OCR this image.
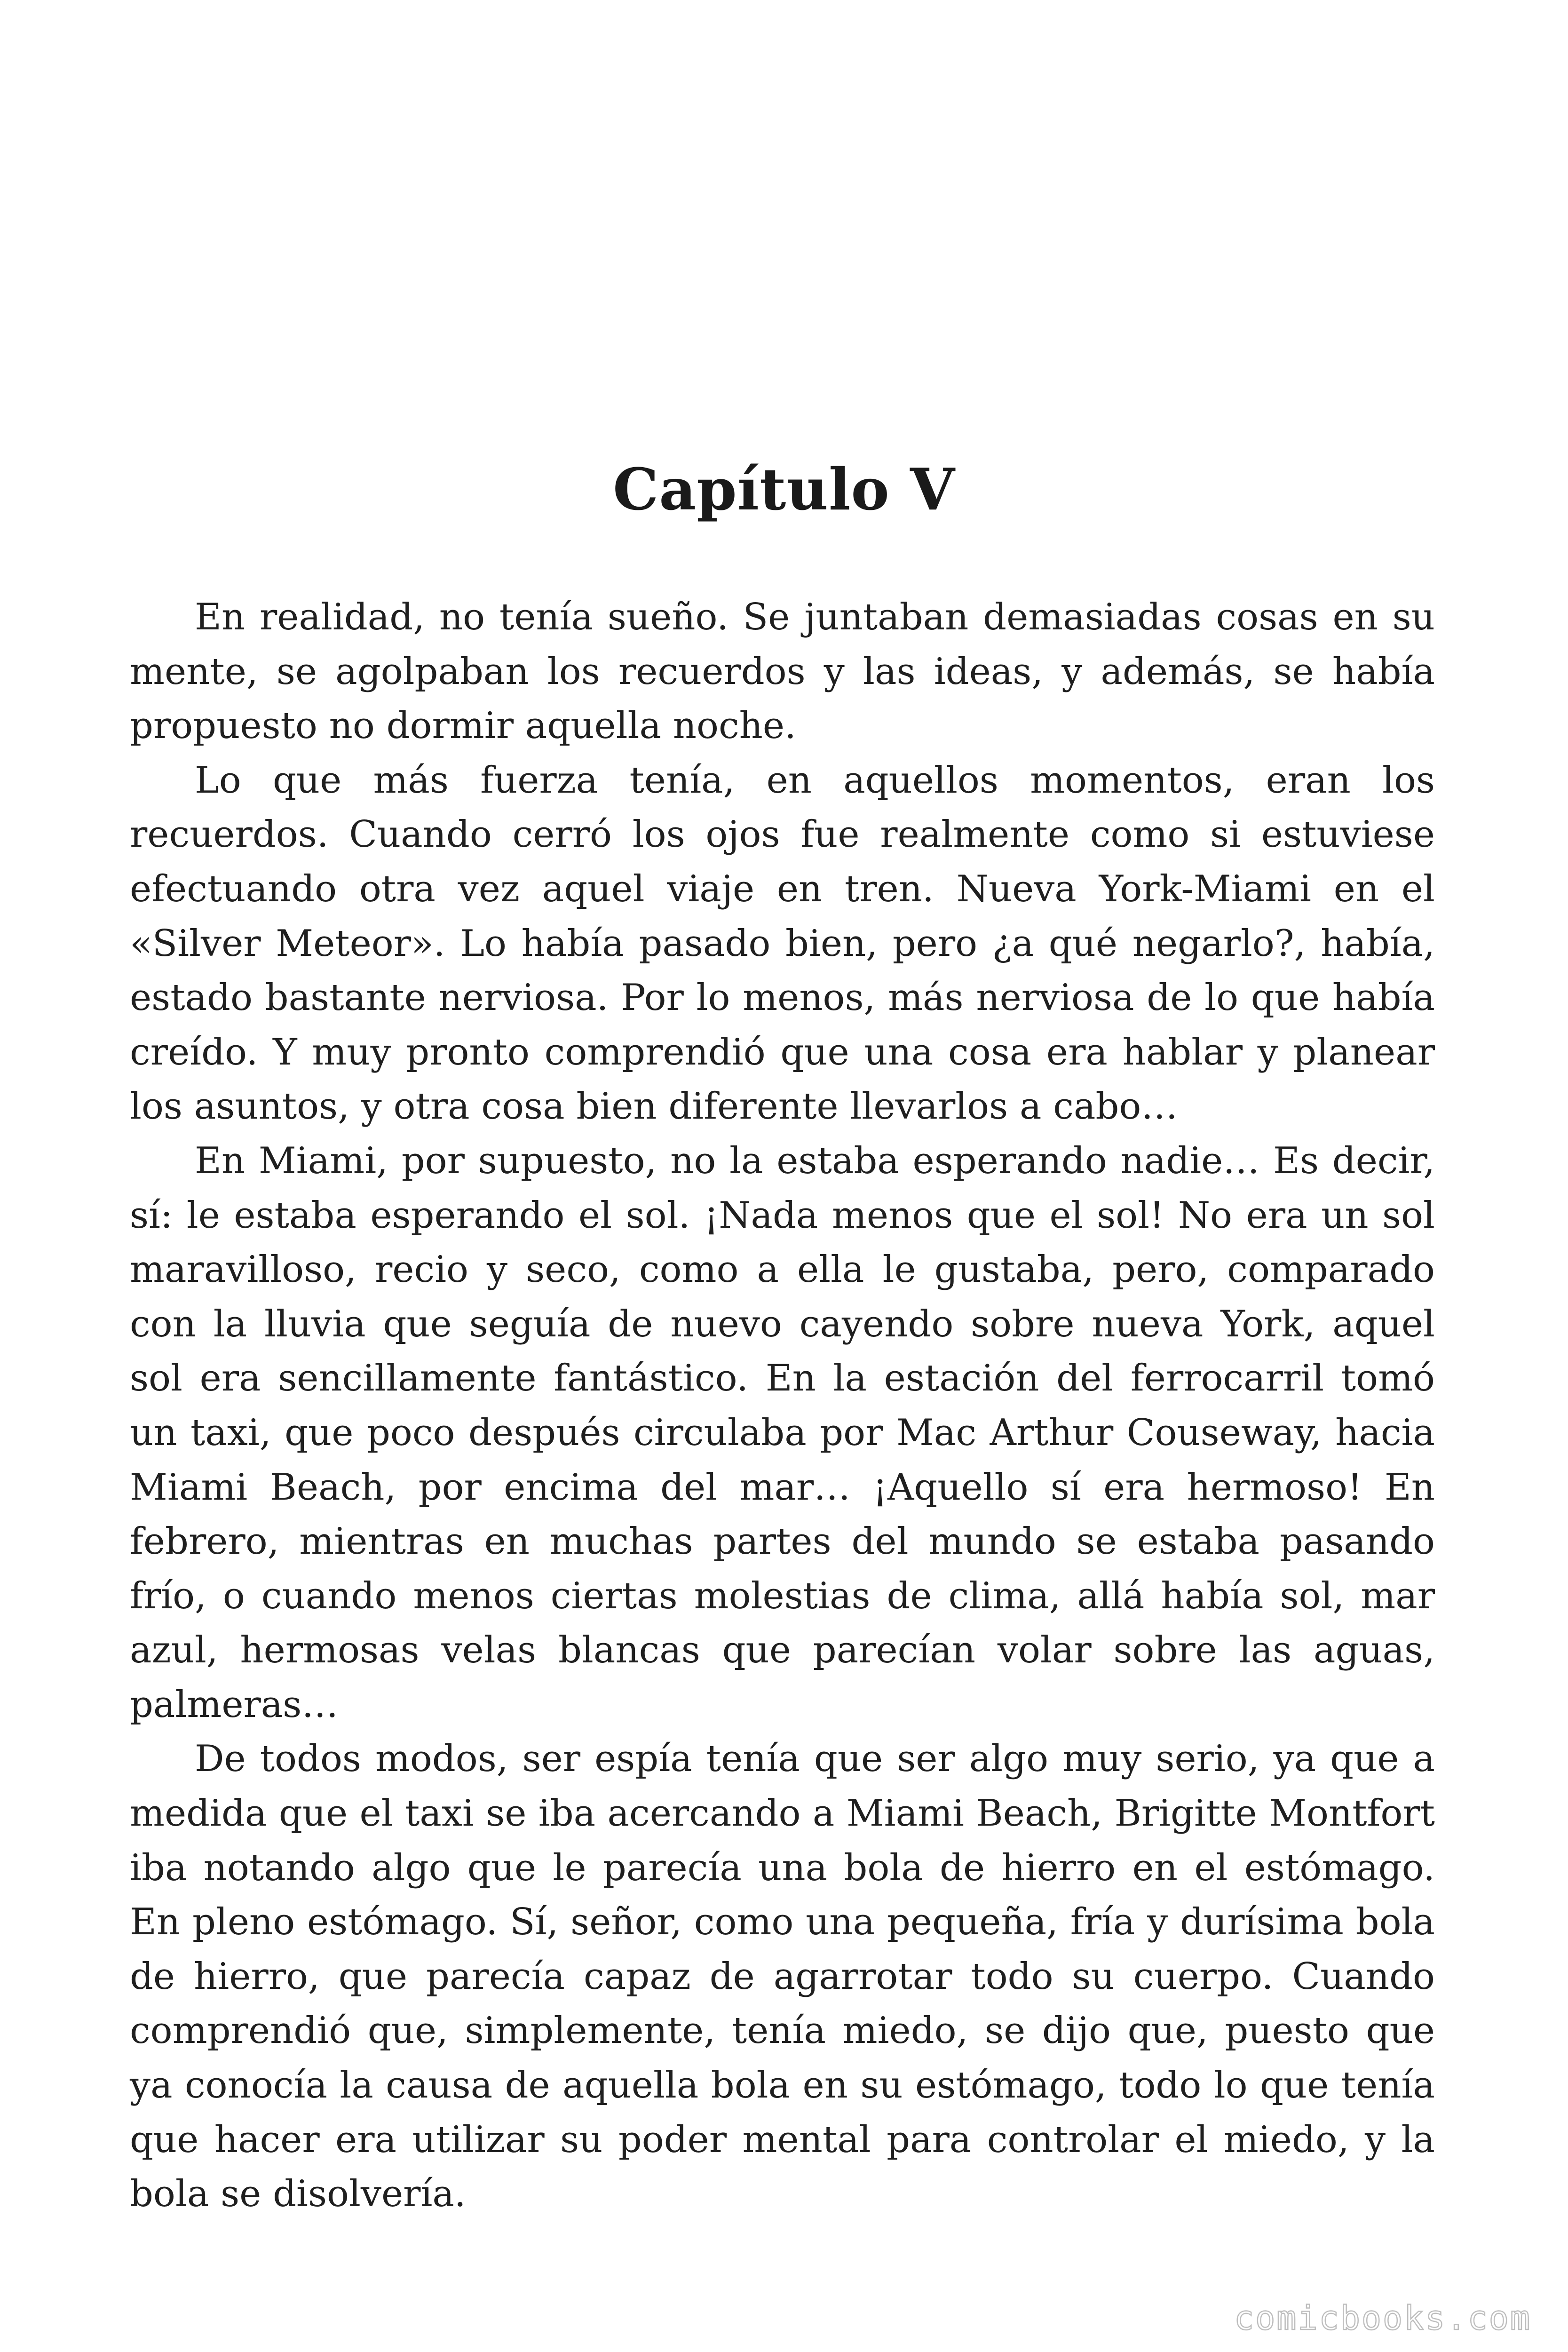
Capítulo V

En realidad, no tenía sueño. Se juntaban demasiadas cosas en su mente, se agolpaban los recuerdos y las ideas, y además, se había propuesto no dormir aquella noche.

Lo que más fuerza tenía, en aquellos momentos, eran los recuerdos. Cuando cerró los ojos fue realmente como si estuviese efectuando otra vez aquel viaje en tren. Nueva York-Miami en el «Silver Meteor». Lo había pasado bien, pero ¿a qué negarlo?, había, estado bastante nerviosa. Por lo menos, más nerviosa de lo que había creído. Y muy pronto comprendió que una cosa era hablar y planear los asuntos, y otra cosa bien diferente llevarlos a cabo…

En Miami, por supuesto, no la estaba esperando nadie… Es decir, sí: le estaba esperando el sol. ¡Nada menos que el sol! No era un sol maravilloso, recio y seco, como a ella le gustaba, pero, comparado con la lluvia que seguía de nuevo cayendo sobre nueva York, aquel sol era sencillamente fantástico. En la estación del ferrocarril tomó un taxi, que poco después circulaba por Mac Arthur Couseway, hacia Miami Beach, por encima del mar… ¡Aquello sí era hermoso! En febrero, mientras en muchas partes del mundo se estaba pasando frío, o cuando menos ciertas molestias de clima, allá había sol, mar azul, hermosas velas blancas que parecían volar sobre las aguas, palmeras…

De todos modos, ser espía tenía que ser algo muy serio, ya que a medida que el taxi se iba acercando a Miami Beach, Brigitte Montfort iba notando algo que le parecía una bola de hierro en el estómago. En pleno estómago. Sí, señor, como una pequeña, fría y durísima bola de hierro, que parecía capaz de agarrotar todo su cuerpo. Cuando comprendió que, simplemente, tenía miedo, se dijo que, puesto que ya conocía la causa de aquella bola en su estómago, todo lo que tenía que hacer era utilizar su poder mental para controlar el miedo, y la bola se disolvería.

comicbooks.com
